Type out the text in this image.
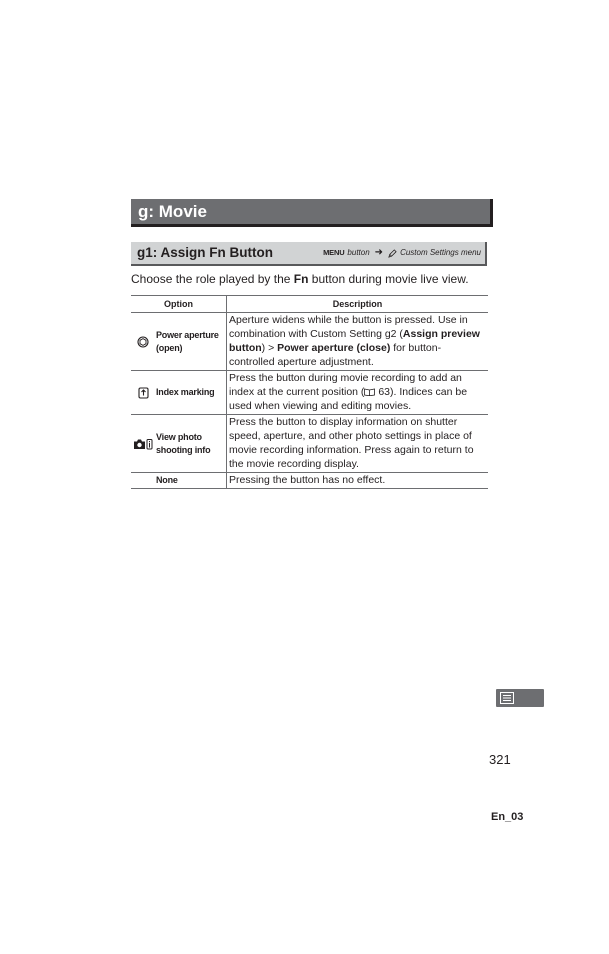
g: Movie
g1: Assign Fn Button	MENU button ➜ Custom Settings menu
Choose the role played by the Fn button during movie live view.
Option		Description

Power aperture
(open)	Aperture widens while the button is pressed. Use in combination with Custom Setting g2 (Assign preview button) > Power aperture (close) for button-controlled aperture adjustment.

Index marking	Press the button during movie recording to add an index at the current position ( 63). Indices can be used when viewing and editing movies.

View photo
shooting info	Press the button to display information on shutter speed, aperture, and other photo settings in place of movie recording information. Press again to return to the movie recording display.

	None	Pressing the button has no effect.
321
En_03
